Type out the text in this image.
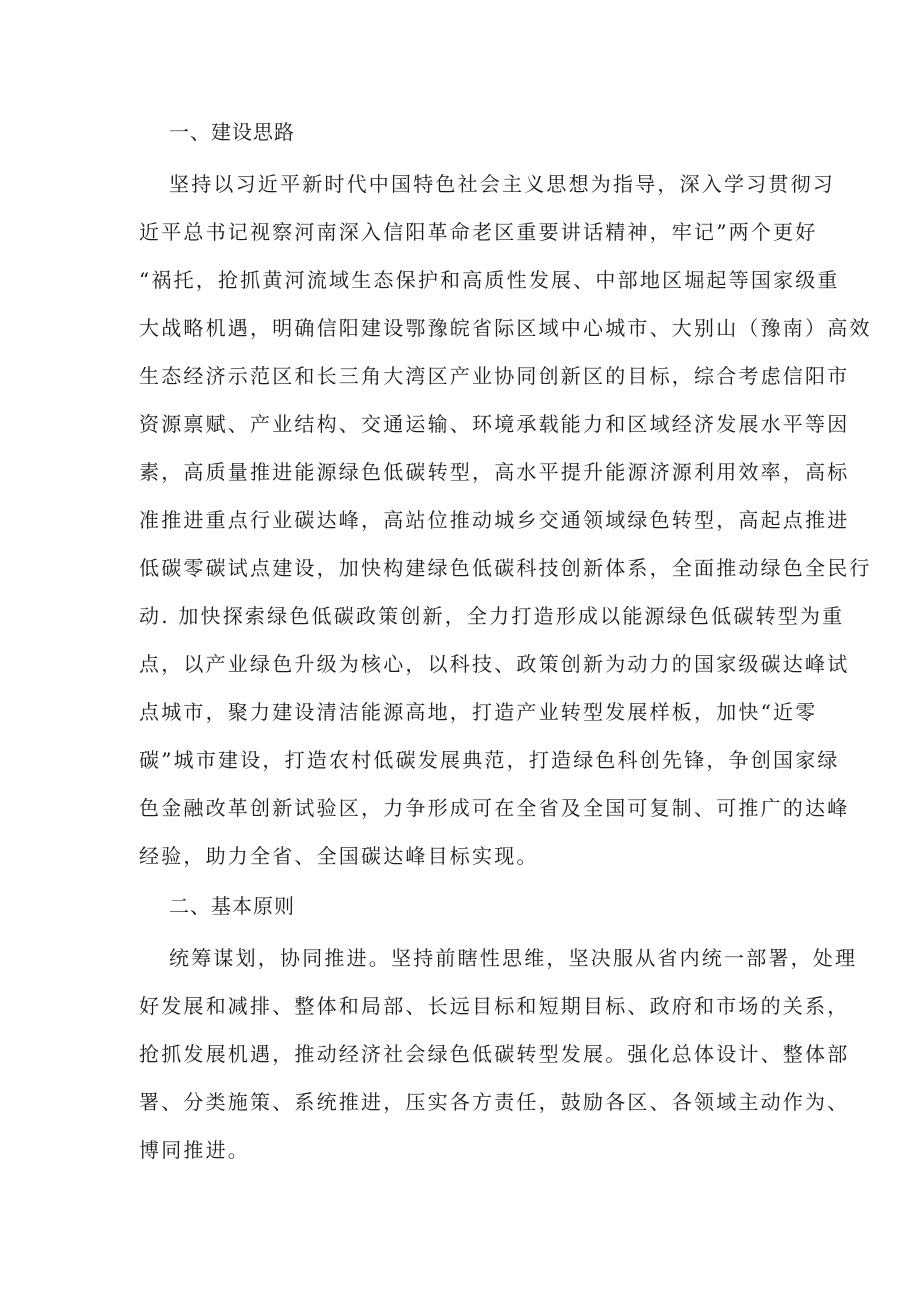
一、建设思路

坚持以习近平新时代中国特色社会主义思想为指导，深入学习贯彻习
近平总书记视察河南深入信阳革命老区重要讲话精神，牢记”两个更好
“祸托，抢抓黄河流域生态保护和高质性发展、中部地区堀起等国家级重
大战略机遇，明确信阳建设鄂豫皖省际区域中心城市、大别山（豫南）高效
生态经济示范区和长三角大湾区产业协同创新区的目标，综合考虑信阳市
资源禀赋、产业结构、交通运输、环境承载能力和区域经济发展水平等因
素，高质量推进能源绿色低碳转型，高水平提升能源济源利用效率，高标
准推进重点行业碳达峰，高站位推动城乡交通领域绿色转型，高起点推进
低碳零碳试点建设，加快构建绿色低碳科技创新体系，全面推动绿色全民行
动. 加快探索绿色低碳政策创新，全力打造形成以能源绿色低碳转型为重
点，以产业绿色升级为核心，以科技、政策创新为动力的国家级碳达峰试
点城市，聚力建设清洁能源高地，打造产业转型发展样板，加快“近零
碳”城市建设，打造农村低碳发展典范，打造绿色科创先锋，争创国家绿
色金融改革创新试验区，力争形成可在全省及全国可复制、可推广的达峰
经验，助力全省、全国碳达峰目标实现。

二、基本原则

统筹谋划，协同推进。坚持前瞎性思维，坚决服从省内统一部署，处理
好发展和减排、整体和局部、长远目标和短期目标、政府和市场的关系，
抢抓发展机遇，推动经济社会绿色低碳转型发展。强化总体设计、整体部
署、分类施策、系统推进，压实各方责任，鼓励各区、各领域主动作为、
博同推进。
